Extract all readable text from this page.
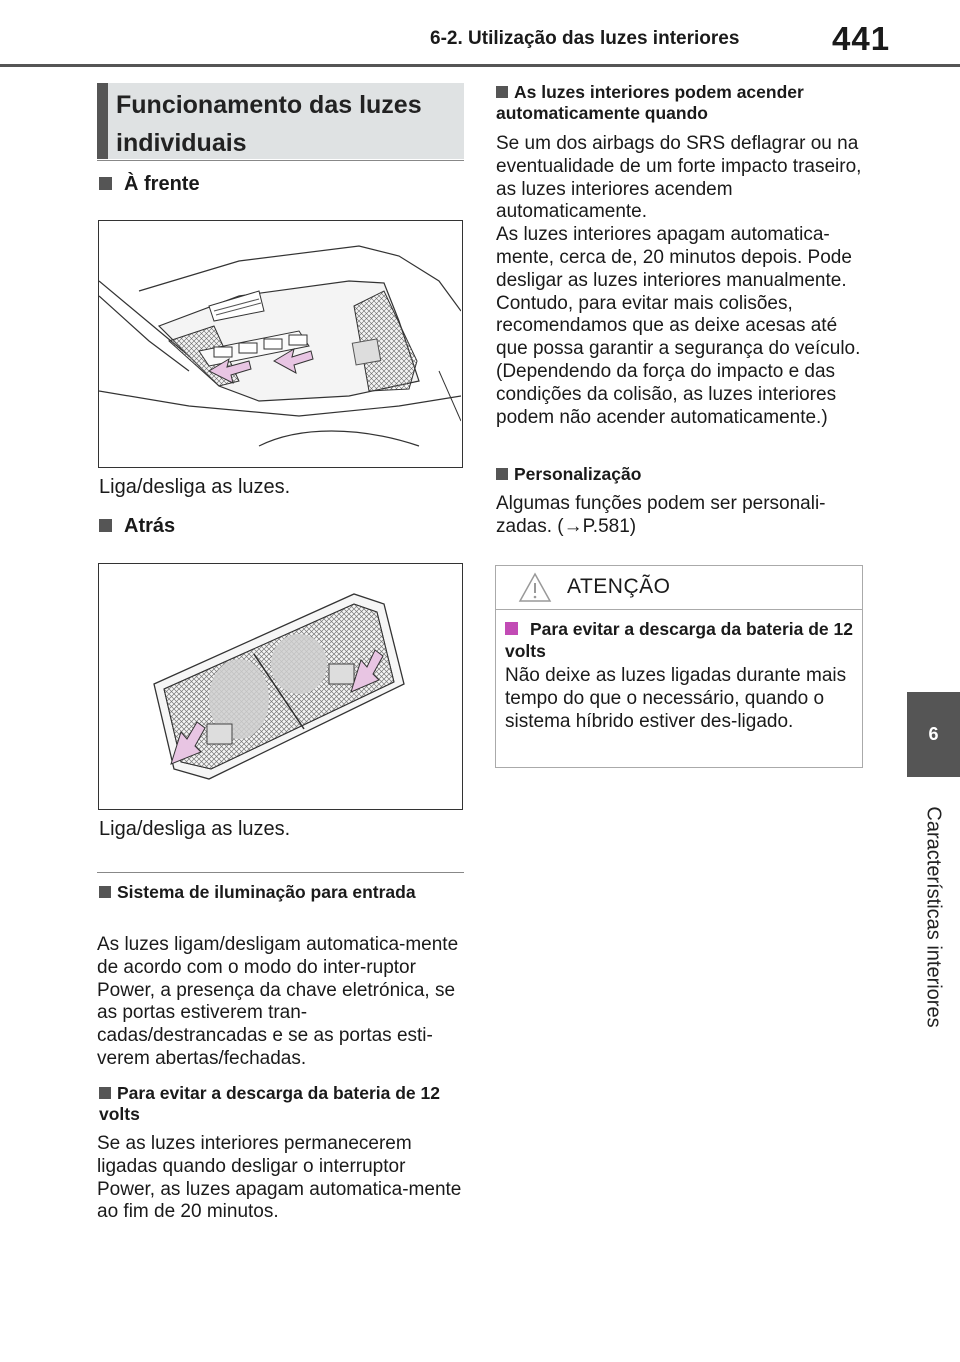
6-2. Utilização das luzes interiores	441
6
Características interiores
Funcionamento das luzes individuais
À frente
Liga/desliga as luzes.
Atrás
Liga/desliga as luzes.
Sistema de iluminação para entrada
As luzes ligam/desligam automatica-mente de acordo com o modo do inter-ruptor Power, a presença da chave eletrónica, se as portas estiverem tran-cadas/destrancadas e se as portas esti-verem abertas/fechadas.
Para evitar a descarga da bateria de 12 volts
Se as luzes interiores permanecerem ligadas quando desligar o interruptor Power, as luzes apagam automatica-mente ao fim de 20 minutos.
As luzes interiores podem acender automaticamente quando
Se um dos airbags do SRS deflagrar ou na eventualidade de um forte impacto traseiro, as luzes interiores acendem automaticamente.
As luzes interiores apagam automatica-mente, cerca de, 20 minutos depois. Pode desligar as luzes interiores manualmente. Contudo, para evitar mais colisões, recomendamos que as deixe acesas até que possa garantir a segurança do veículo.
(Dependendo da força do impacto e das condições da colisão, as luzes interiores podem não acender automaticamente.)
Personalização
Algumas funções podem ser personali-zadas. (→P.581)
ATENÇÃO
Para evitar a descarga da bateria de 12 volts
Não deixe as luzes ligadas durante mais tempo do que o necessário, quando o sistema híbrido estiver des-ligado.
